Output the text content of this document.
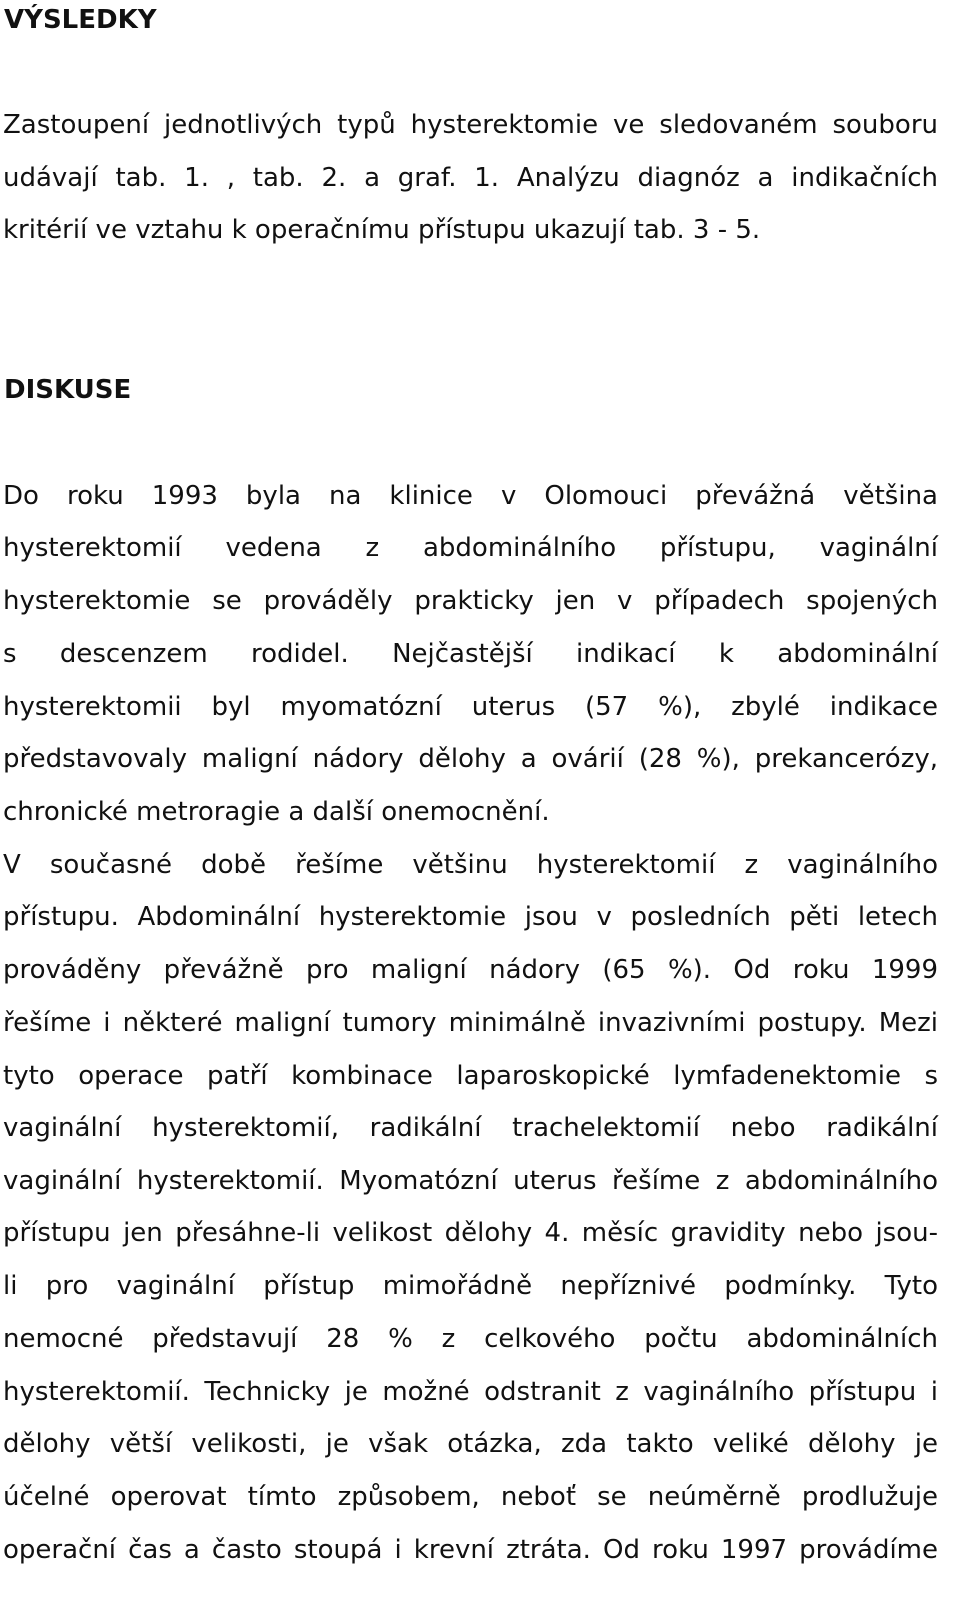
VÝSLEDKY
Zastoupení jednotlivých typů hysterektomie ve sledovaném souboru
udávají tab. 1. , tab. 2. a graf. 1. Analýzu diagnóz a indikačních
kritérií ve vztahu k operačnímu přístupu ukazují tab. 3 - 5.
DISKUSE
Do roku 1993 byla na klinice v Olomouci převážná většina
hysterektomií vedena z abdominálního přístupu, vaginální
hysterektomie se prováděly prakticky jen v případech spojených
s descenzem rodidel. Nejčastější indikací k abdominální
hysterektomii byl myomatózní uterus (57 %), zbylé indikace
představovaly maligní nádory dělohy a ovárií (28 %), prekancerózy,
chronické metroragie a další onemocnění.
V současné době řešíme většinu hysterektomií z vaginálního
přístupu. Abdominální hysterektomie jsou v posledních pěti letech
prováděny převážně pro maligní nádory (65 %). Od roku 1999
řešíme i některé maligní tumory minimálně invazivními postupy. Mezi
tyto operace patří kombinace laparoskopické lymfadenektomie s
vaginální hysterektomií, radikální trachelektomií nebo radikální
vaginální hysterektomií. Myomatózní uterus řešíme z abdominálního
přístupu jen přesáhne-li velikost dělohy 4. měsíc gravidity nebo jsou-
li pro vaginální přístup mimořádně nepříznivé podmínky. Tyto
nemocné představují 28 % z celkového počtu abdominálních
hysterektomií. Technicky je možné odstranit z vaginálního přístupu i
dělohy větší velikosti, je však otázka, zda takto veliké dělohy je
účelné operovat tímto způsobem, neboť se neúměrně prodlužuje
operační čas a často stoupá i krevní ztráta. Od roku 1997 provádíme
